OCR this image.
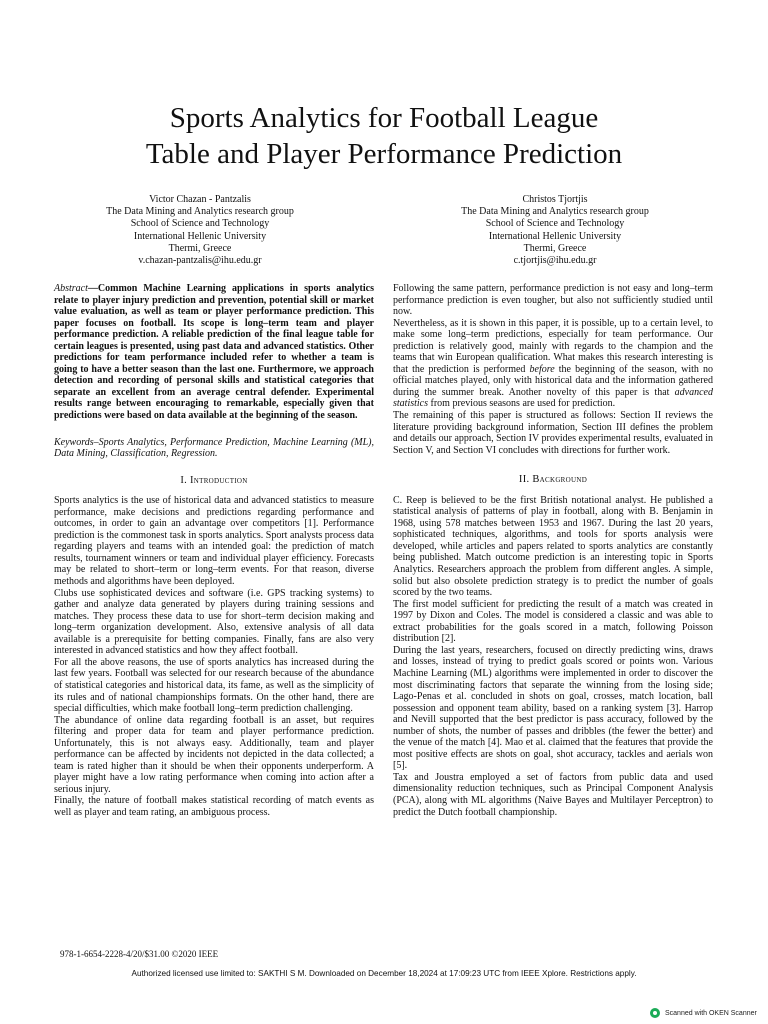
Sports Analytics for Football League
Table and Player Performance Prediction
Victor Chazan - Pantzalis
The Data Mining and Analytics research group
School of Science and Technology
International Hellenic University
Thermi, Greece
v.chazan-pantzalis@ihu.edu.gr
Christos Tjortjis
The Data Mining and Analytics research group
School of Science and Technology
International Hellenic University
Thermi, Greece
c.tjortjis@ihu.edu.gr

Abstract—Common Machine Learning applications in sports analytics relate to player injury prediction and prevention, potential skill or market value evaluation, as well as team or player performance prediction. This paper focuses on football. Its scope is long–term team and player performance prediction. A reliable prediction of the final league table for certain leagues is presented, using past data and advanced statistics. Other predictions for team performance included refer to whether a team is going to have a better season than the last one. Furthermore, we approach detection and recording of personal skills and statistical categories that separate an excellent from an average central defender. Experimental results range between encouraging to remarkable, especially given that predictions were based on data available at the beginning of the season.

Keywords–Sports Analytics, Performance Prediction, Machine Learning (ML), Data Mining, Classification, Regression.

I. Introduction

Sports analytics is the use of historical data and advanced statistics to measure performance, make decisions and predictions regarding performance and outcomes, in order to gain an advantage over competitors [1]. Performance prediction is the commonest task in sports analytics. Sport analysts process data regarding players and teams with an intended goal: the prediction of match results, tournament winners or team and individual player efficiency. Forecasts may be related to short–term or long–term events. For that reason, diverse methods and algorithms have been deployed.

Clubs use sophisticated devices and software (i.e. GPS tracking systems) to gather and analyze data generated by players during training sessions and matches. They process these data to use for short–term decision making and long–term organization development. Also, extensive analysis of all data available is a prerequisite for betting companies. Finally, fans are also very interested in advanced statistics and how they affect football.

For all the above reasons, the use of sports analytics has increased during the last few years. Football was selected for our research because of the abundance of statistical categories and historical data, its fame, as well as the simplicity of its rules and of national championships formats. On the other hand, there are special difficulties, which make football long–term prediction challenging.

The abundance of online data regarding football is an asset, but requires filtering and proper data for team and player performance prediction. Unfortunately, this is not always easy. Additionally, team and player performance can be affected by incidents not depicted in the data collected; a team is rated higher than it should be when their opponents underperform. A player might have a low rating performance when coming into action after a serious injury.

Finally, the nature of football makes statistical recording of match events as well as player and team rating, an ambiguous process.

Following the same pattern, performance prediction is not easy and long–term performance prediction is even tougher, but also not sufficiently studied until now.

Nevertheless, as it is shown in this paper, it is possible, up to a certain level, to make some long–term predictions, especially for team performance. Our prediction is relatively good, mainly with regards to the champion and the teams that win European qualification. What makes this research interesting is that the prediction is performed before the beginning of the season, with no official matches played, only with historical data and the information gathered during the summer break. Another novelty of this paper is that advanced statistics from previous seasons are used for prediction.

The remaining of this paper is structured as follows: Section II reviews the literature providing background information, Section III defines the problem and details our approach, Section IV provides experimental results, evaluated in Section V, and Section VI concludes with directions for further work.

II. Background

C. Reep is believed to be the first British notational analyst. He published a statistical analysis of patterns of play in football, along with B. Benjamin in 1968, using 578 matches between 1953 and 1967. During the last 20 years, sophisticated techniques, algorithms, and tools for sports analysis were developed, while articles and papers related to sports analytics are constantly being published. Match outcome prediction is an interesting topic in Sports Analytics. Researchers approach the problem from different angles. A simple, solid but also obsolete prediction strategy is to predict the number of goals scored by the two teams.

The first model sufficient for predicting the result of a match was created in 1997 by Dixon and Coles. The model is considered a classic and was able to extract probabilities for the goals scored in a match, following Poisson distribution [2].

During the last years, researchers, focused on directly predicting wins, draws and losses, instead of trying to predict goals scored or points won. Various Machine Learning (ML) algorithms were implemented in order to discover the most discriminating factors that separate the winning from the losing side; Lago-Penas et al. concluded in shots on goal, crosses, match location, ball possession and opponent team ability, based on a ranking system [3]. Harrop and Nevill supported that the best predictor is pass accuracy, followed by the number of shots, the number of passes and dribbles (the fewer the better) and the venue of the match [4]. Mao et al. claimed that the features that provide the most positive effects are shots on goal, shot accuracy, tackles and aerials won [5].

Tax and Joustra employed a set of factors from public data and used dimensionality reduction techniques, such as Principal Component Analysis (PCA), along with ML algorithms (Naive Bayes and Multilayer Perceptron) to predict the Dutch football championship.

978-1-6654-2228-4/20/$31.00 ©2020 IEEE
Authorized licensed use limited to: SAKTHI S M. Downloaded on December 18,2024 at 17:09:23 UTC from IEEE Xplore. Restrictions apply.
Scanned with OKEN Scanner
